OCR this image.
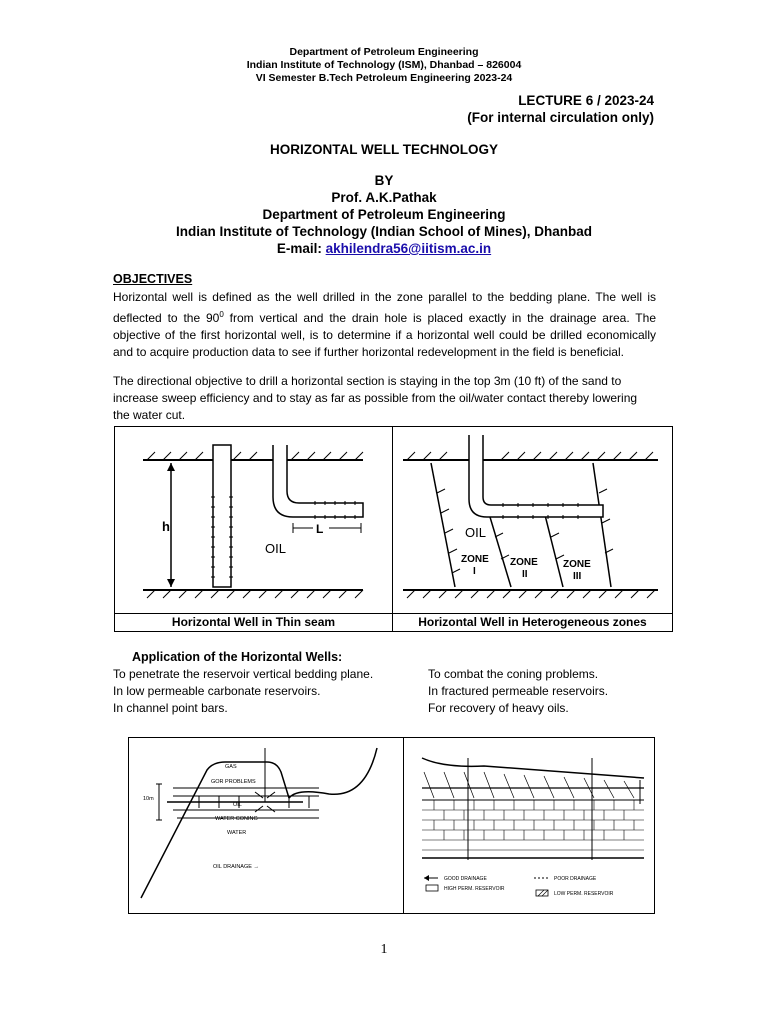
Department of Petroleum Engineering
Indian Institute of Technology (ISM), Dhanbad – 826004
VI Semester B.Tech Petroleum Engineering 2023-24
LECTURE 6 / 2023-24
(For internal circulation only)
HORIZONTAL WELL TECHNOLOGY
BY
Prof. A.K.Pathak
Department of Petroleum Engineering
Indian Institute of Technology (Indian School of Mines), Dhanbad
E-mail: akhilendra56@iitism.ac.in
OBJECTIVES
Horizontal well is defined as the well drilled in the zone parallel to the bedding plane. The well is deflected to the $90^0$ from vertical and the drain hole is placed exactly in the drainage area. The objective of the first horizontal well, is to determine if a horizontal well could be drilled economically and to acquire production data to see if further horizontal redevelopment in the field is beneficial.
The directional objective to drill a horizontal section is staying in the top 3m (10 ft) of the sand to increase sweep efficiency and to stay as far as possible from the oil/water contact thereby lowering the water cut.
h	L
OIL
OIL
ZONE
I
ZONE
II
ZONE
III
Horizontal Well in Thin seam	Horizontal Well in Heterogeneous zones
Application of the Horizontal Wells:
To penetrate the reservoir vertical bedding plane.
In low permeable carbonate reservoirs.
In channel point bars.
To combat the coning problems.
In fractured permeable reservoirs.
For recovery of heavy oils.
GAS
GOR PROBLEMS
OIL
WATER CONING
WATER
10m
OIL DRAINAGE →
GOOD DRAINAGE	POOR DRAINAGE
HIGH PERM. RESERVOIR
LOW PERM. RESERVOIR
1
